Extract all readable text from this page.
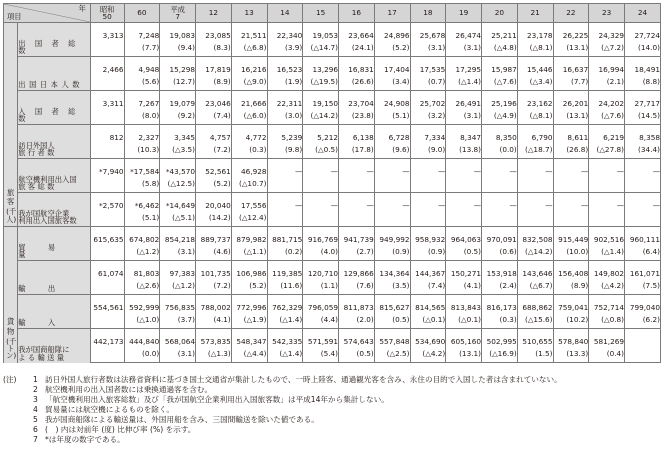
年
項目		昭和
50	60	平成
7	12	13	14	15	16	17	18	19	20	21	22	23	24

旅客
(千人)	出 国 者 総 数	3,313	7,248	19,083	23,085	21,511	22,340	19,053	23,664	24,896	25,678	26,474	25,211	23,178	26,225	24,329	27,724
			(7.7)	(9.4)	(8.3)	(△6.8)	(3.9)	(△14.7)	(24.1)	(5.2)	(3.1)	(3.1)	(△4.8)	(△8.1)	(13.1)	(△7.2)	(14.0)
	出国日本人数	2,466	4,948	15,298	17,819	16,216	16,523	13,296	16,831	17,404	17,535	17,295	15,987	15,446	16,637	16,994	18,491
			(5.6)	(12.7)	(8.9)	(△9.0)	(1.9)	(△19.5)	(26.6)	(3.4)	(0.7)	(△1.4)	(△7.6)	(△3.4)	(7.7)	(2.1)	(8.8)
	入 国 者 総 数	3,311	7,267	19,079	23,046	21,666	22,311	19,150	23,704	24,908	25,702	26,491	25,196	23,162	26,201	24,202	27,717
			(8.0)	(9.2)	(7.4)	(△6.0)	(3.0)	(△14.2)	(23.8)	(5.1)	(3.2)	(3.1)	(△4.9)	(△8.1)	(13.1)	(△7.6)	(14.5)
	訪日外国人
旅 行 者 数	812	2,327	3,345	4,757	4,772	5,239	5,212	6,138	6,728	7,334	8,347	8,350	6,790	8,611	6,219	8,358
			(10.3)	(△3.5)	(7.2)	(0.3)	(9.8)	(△0.5)	(17.8)	(9.6)	(9.0)	(13.8)	(0.0)	(△18.7)	(26.8)	(△27.8)	(34.4)
	航空機利用出入国
旅 客 総 数	*7,940	*17,584	*43,570	52,561	46,928	—	—	—	—	—	—	—	—	—	—	—
			(5.8)	(△12.5)	(5.2)	(△10.7)											
	我が国航空企業
利用出入国旅客数	*2,570	*6,462	*14,649	20,040	17,556	—	—	—	—	—	—	—	—	—	—	—
			(5.1)	(△5.1)	(14.2)	(△12.4)											

貨物
(千トン)	貿 易 量	615,635	674,802	854,218	889,737	879,982	881,715	916,769	941,739	949,992	958,932	964,063	970,091	832,508	915,449	902,516	960,111
			(△1.2)	(3.1)	(4.6)	(△1.1)	(0.2)	(4.0)	(2.7)	(0.9)	(0.9)	(0.5)	(0.6)	(△14.2)	(10.0)	(△1.4)	(6.4)
	輸 出	61,074	81,803	97,383	101,735	106,986	119,385	120,710	129,866	134,364	144,367	150,271	153,918	143,646	156,408	149,802	161,071
			(△2.6)	(△1.2)	(7.2)	(5.2)	(11.6)	(1.1)	(7.6)	(3.5)	(7.4)	(4.1)	(2.4)	(△6.7)	(8.9)	(△4.2)	(7.5)
	輸 入	554,561	592,999	756,835	788,002	772,996	762,329	796,059	811,873	815,627	814,565	813,843	816,173	688,862	759,041	752,714	799,040
			(△1.0)	(3.7)	(4.1)	(△1.9)	(△1.4)	(4.4)	(2.0)	(0.5)	(△0.1)	(△0.1)	(0.3)	(△15.6)	(10.2)	(△0.8)	(6.2)
	我が国商船隊に
よ る 輸 送 量	442,173	444,840	568,064	573,835	548,347	542,335	571,591	574,643	557,848	534,690	605,160	502,995	510,655	578,840	581,269	
			(0.0)	(3.1)	(△1.3)	(△4.4)	(△1.4)	(5.4)	(0.5)	(△2.5)	(△4.2)	(13.1)	(△16.9)	(1.5)	(13.3)	(0.4)	
(注) 1 訪日外国人旅行者数は法務省資料に基づき国土交通省が集計したもので、一時上陸客、通過観光客を含み、永住の目的で入国した者は含まれていない。
2 航空機利用の出入国者数には乗換通過客を含む。
3 「航空機利用出入旅客総数」及び「我が国航空企業利用出入国旅客数」は平成14年から集計しない。
4 貿易量には航空機によるものを除く。
5 我が国商船隊による輸送量は、外国用船を含み、三国間輸送を除いた値である。
6 (　) 内は対前年 (度) 比伸び率 (%) を示す。
7 *は年度の数字である。
